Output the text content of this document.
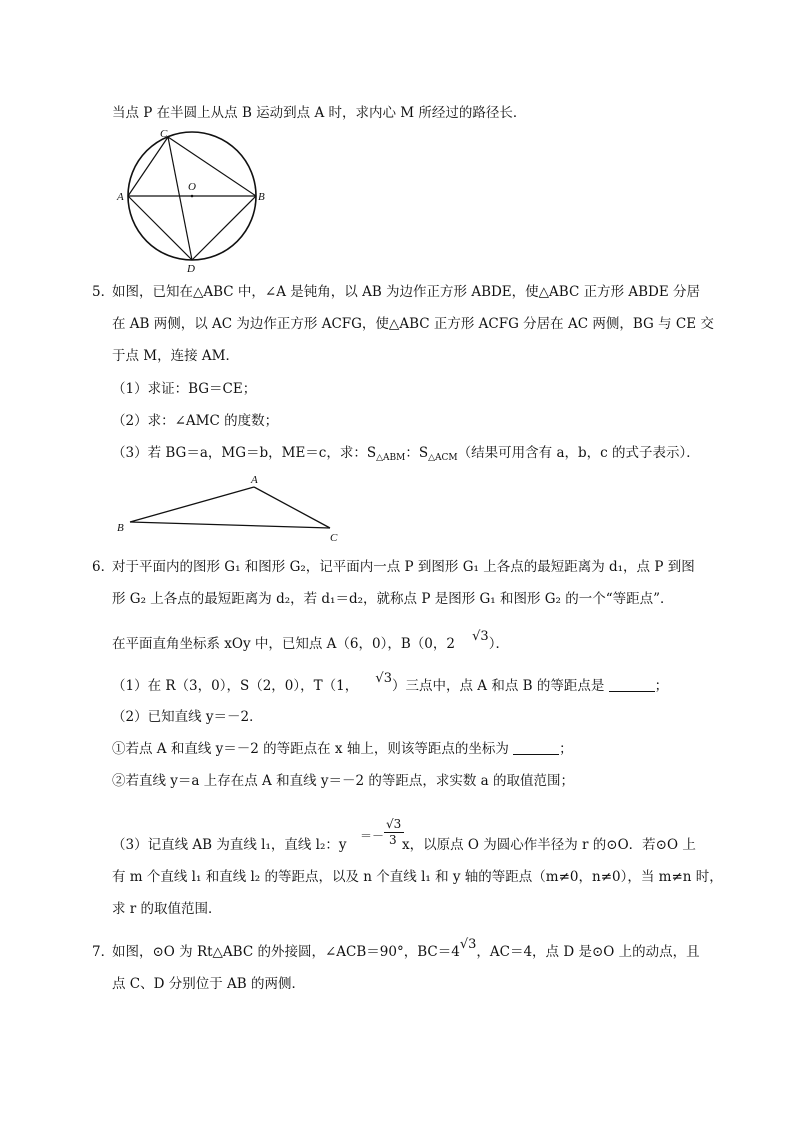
当点 P 在半圆上从点 B 运动到点 A 时，求内心 M 所经过的路径长．
C
O
A	B
D
5．
如图，已知在△ABC 中，∠A 是钝角，以 AB 为边作正方形 ABDE，使△ABC 正方形 ABDE 分居
在 AB 两侧，以 AC 为边作正方形 ACFG，使△ABC 正方形 ACFG 分居在 AC 两侧，BG 与 CE 交
于点 M，连接 AM．
（1）求证：BG＝CE；
（2）求：∠AMC 的度数；
（3）若 BG＝a，MG＝b，ME＝c，求：$S_{\triangle ABM}$：$S_{\triangle ACM}$（结果可用含有 a，b，c 的式子表示）．
A
B
C
6．
对于平面内的图形 G₁ 和图形 G₂，记平面内一点 P 到图形 G₁ 上各点的最短距离为 d₁，点 P 到图
形 G₂ 上各点的最短距离为 d₂，若 d₁＝d₂，就称点 P 是图形 G₁ 和图形 G₂ 的一个“等距点”．
在平面直角坐标系 xOy 中，已知点 A（6，0），B（0，2 √3）．
（1）在 R（3，0），S（2，0），T（1， √3）三点中，点 A 和点 B 的等距点是	；
（2）已知直线 y＝－2．
①若点 A 和直线 y＝－2 的等距点在 x 轴上，则该等距点的坐标为	；
②若直线 y＝a 上存在点 A 和直线 y＝－2 的等距点，求实数 a 的取值范围；
（3）记直线 AB 为直线 l₁，直线 l₂：y
＝－
√3
3 x，以原点 O 为圆心作半径为 r 的⊙O．若⊙O 上
有 m 个直线 l₁ 和直线 l₂ 的等距点，以及 n 个直线 l₁ 和 y 轴的等距点（m≠0，n≠0），当 m≠n 时，
求 r 的取值范围．
7．
如图，⊙O 为 Rt△ABC 的外接圆，∠ACB＝90°，BC＝4√3，AC＝4，点 D 是⊙O 上的动点，且
点 C、D 分别位于 AB 的两侧．
